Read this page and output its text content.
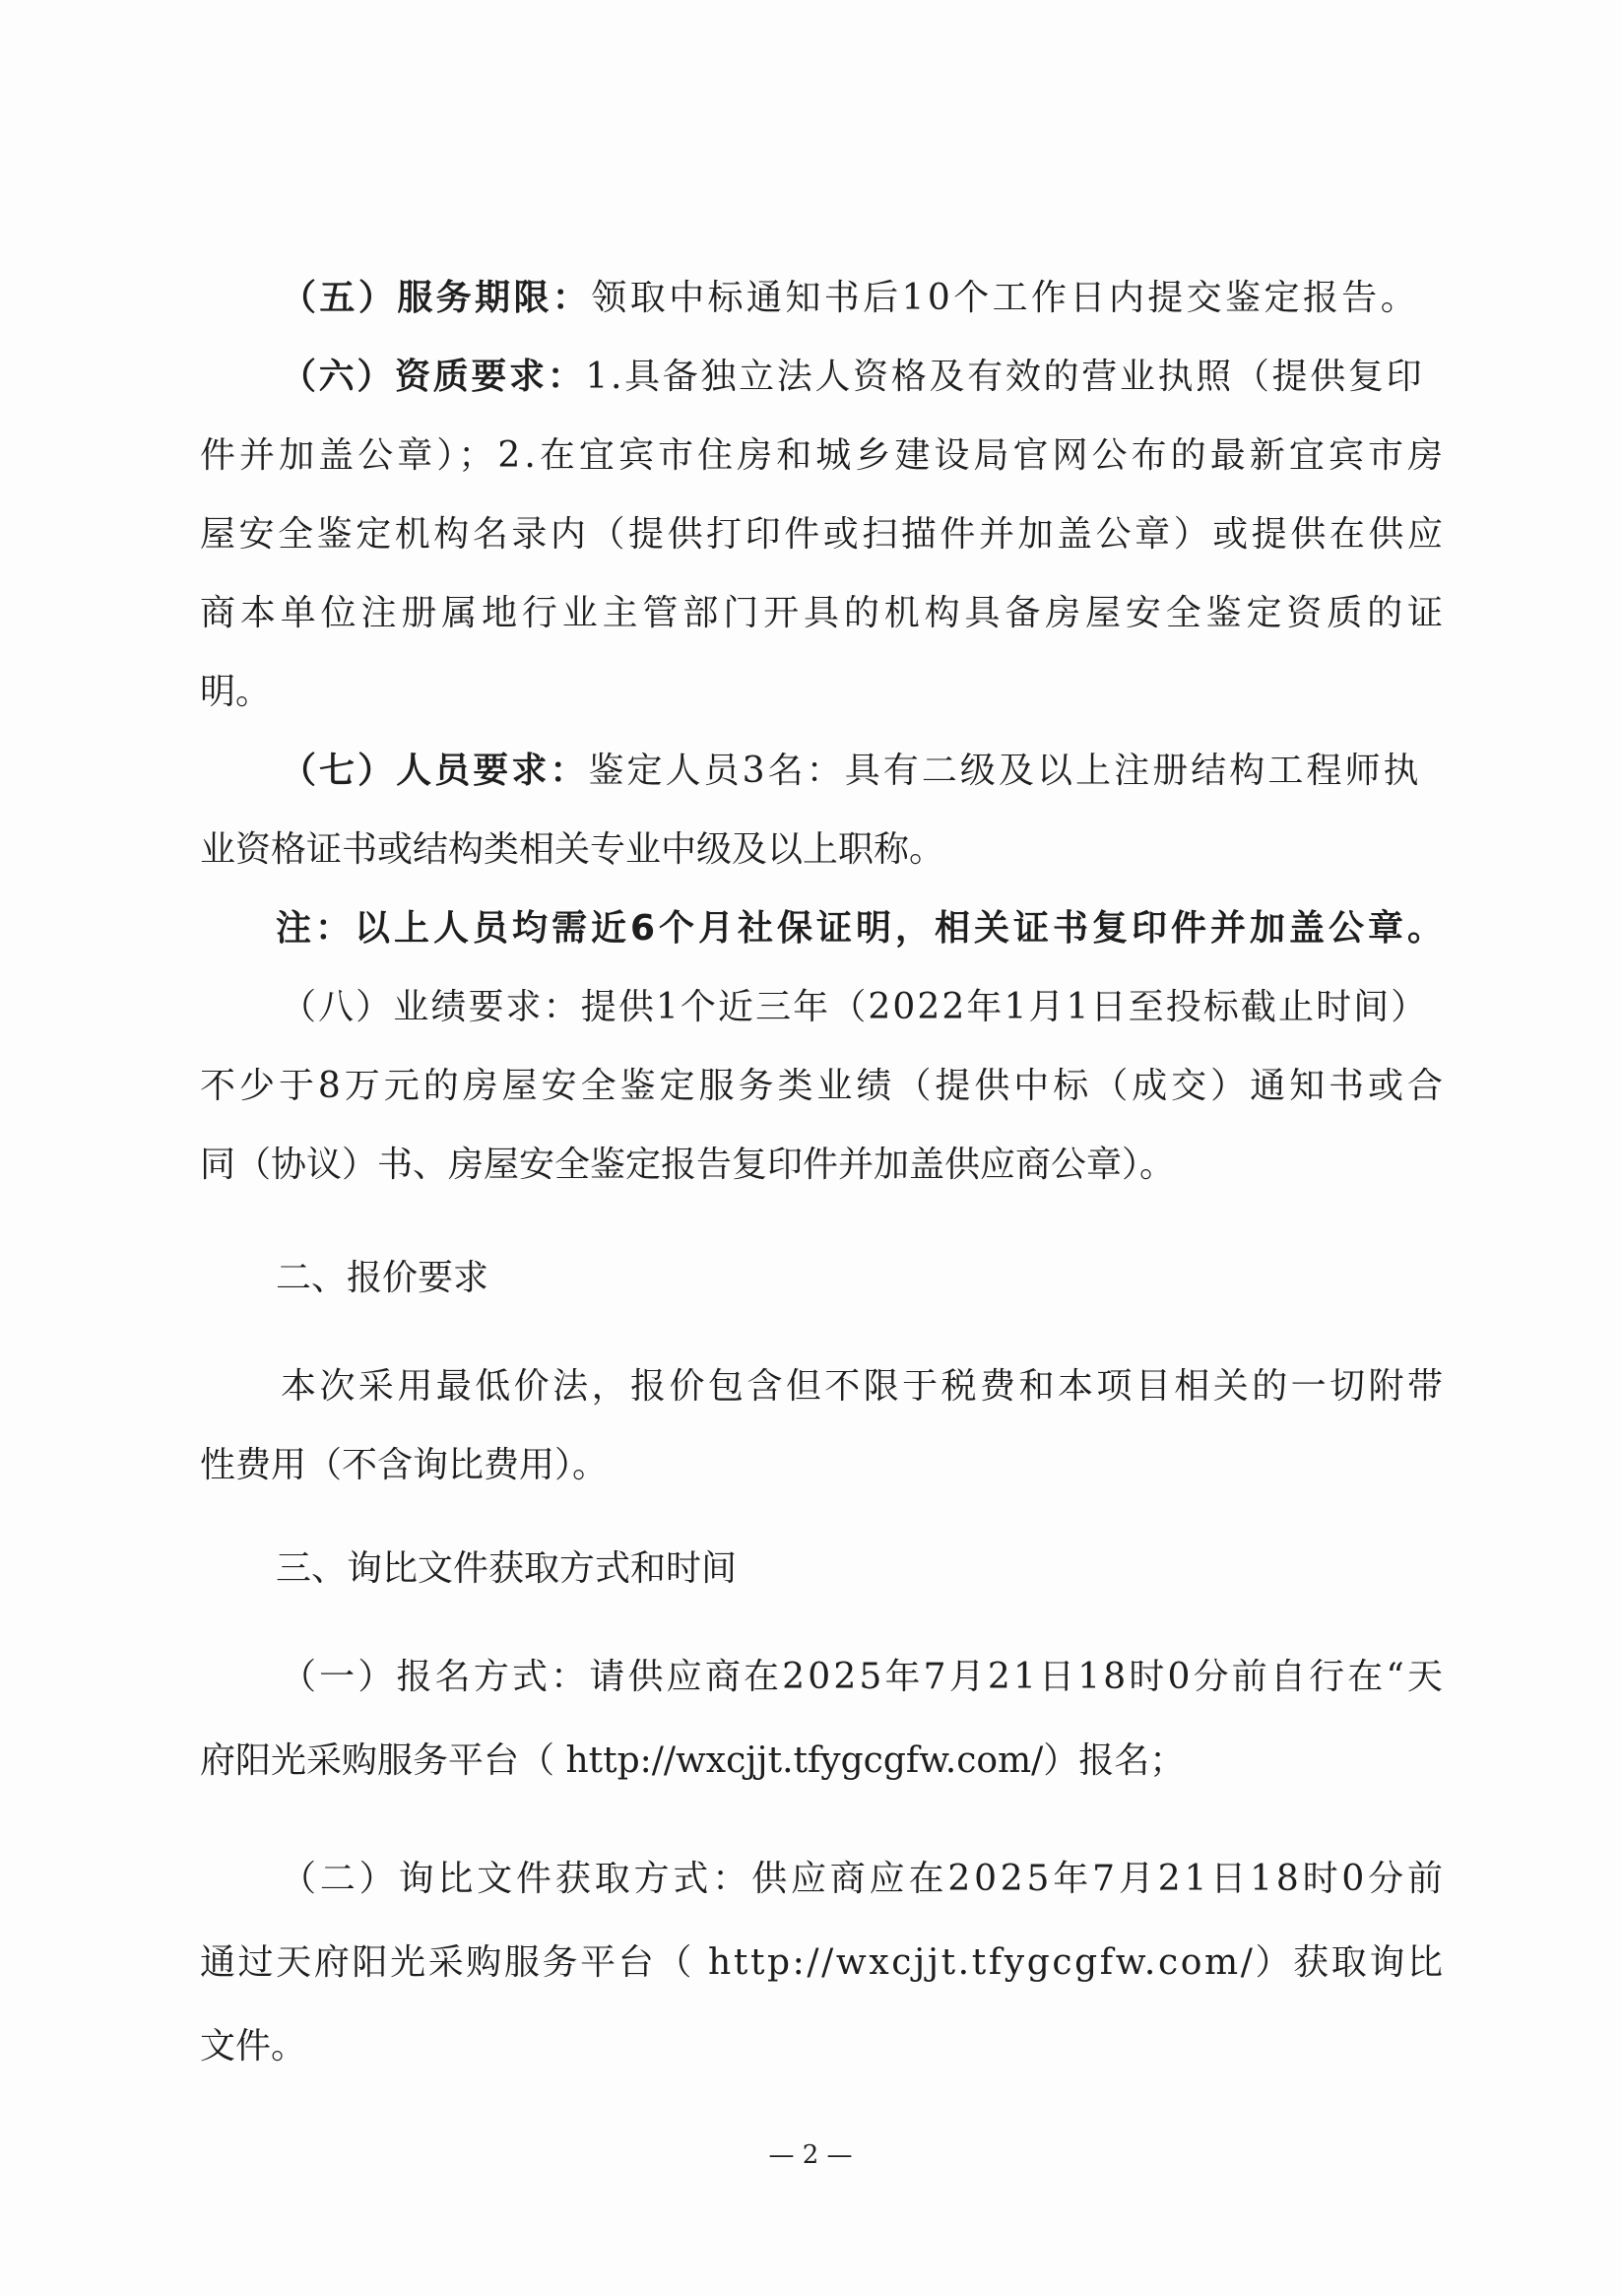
（五）服务期限：领取中标通知书后10个工作日内提交鉴定报告。
（六）资质要求：1.具备独立法人资格及有效的营业执照（提供复印
件并加盖公章）；2.在宜宾市住房和城乡建设局官网公布的最新宜宾市房
屋安全鉴定机构名录内（提供打印件或扫描件并加盖公章）或提供在供应
商本单位注册属地行业主管部门开具的机构具备房屋安全鉴定资质的证
明。
（七）人员要求：鉴定人员3名：具有二级及以上注册结构工程师执
业资格证书或结构类相关专业中级及以上职称。
注：以上人员均需近6个月社保证明，相关证书复印件并加盖公章。
（八）业绩要求：提供1个近三年（2022年1月1日至投标截止时间）
不少于8万元的房屋安全鉴定服务类业绩（提供中标（成交）通知书或合
同（协议）书、房屋安全鉴定报告复印件并加盖供应商公章）。
二、报价要求
本次采用最低价法，报价包含但不限于税费和本项目相关的一切附带
性费用（不含询比费用）。
三、询比文件获取方式和时间
（一）报名方式：请供应商在2025年7月21日18时0分前自行在“天
府阳光采购服务平台（ http://wxcjjt.tfygcgfw.com/）报名；
（二）询比文件获取方式：供应商应在2025年7月21日18时0分前
通过天府阳光采购服务平台（ http://wxcjjt.tfygcgfw.com/）获取询比
文件。
— 2 —
